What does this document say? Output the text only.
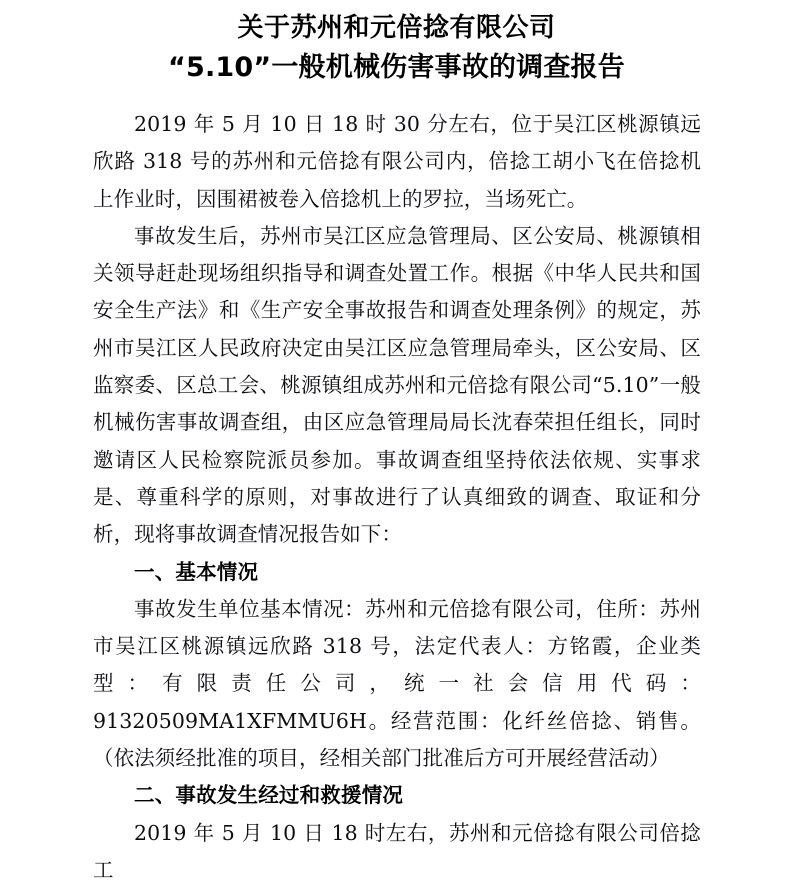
关于苏州和元倍捻有限公司
“5.10”一般机械伤害事故的调查报告

2019 年 5 月 10 日 18 时 30 分左右，位于吴江区桃源镇远欣路 318 号的苏州和元倍捻有限公司内，倍捻工胡小飞在倍捻机上作业时，因围裙被卷入倍捻机上的罗拉，当场死亡。

事故发生后，苏州市吴江区应急管理局、区公安局、桃源镇相关领导赶赴现场组织指导和调查处置工作。根据《中华人民共和国安全生产法》和《生产安全事故报告和调查处理条例》的规定，苏州市吴江区人民政府决定由吴江区应急管理局牵头，区公安局、区监察委、区总工会、桃源镇组成苏州和元倍捻有限公司“5.10”一般机械伤害事故调查组，由区应急管理局局长沈春荣担任组长，同时邀请区人民检察院派员参加。事故调查组坚持依法依规、实事求是、尊重科学的原则，对事故进行了认真细致的调查、取证和分析，现将事故调查情况报告如下：

一、基本情况

事故发生单位基本情况：苏州和元倍捻有限公司，住所：苏州市吴江区桃源镇远欣路 318 号，法定代表人：方铭霞，企业类型：有限责任公司，统一社会信用代码：91320509MA1XFMMU6H。经营范围：化纤丝倍捻、销售。（依法须经批准的项目，经相关部门批准后方可开展经营活动）

二、事故发生经过和救援情况

2019 年 5 月 10 日 18 时左右，苏州和元倍捻有限公司倍捻工
